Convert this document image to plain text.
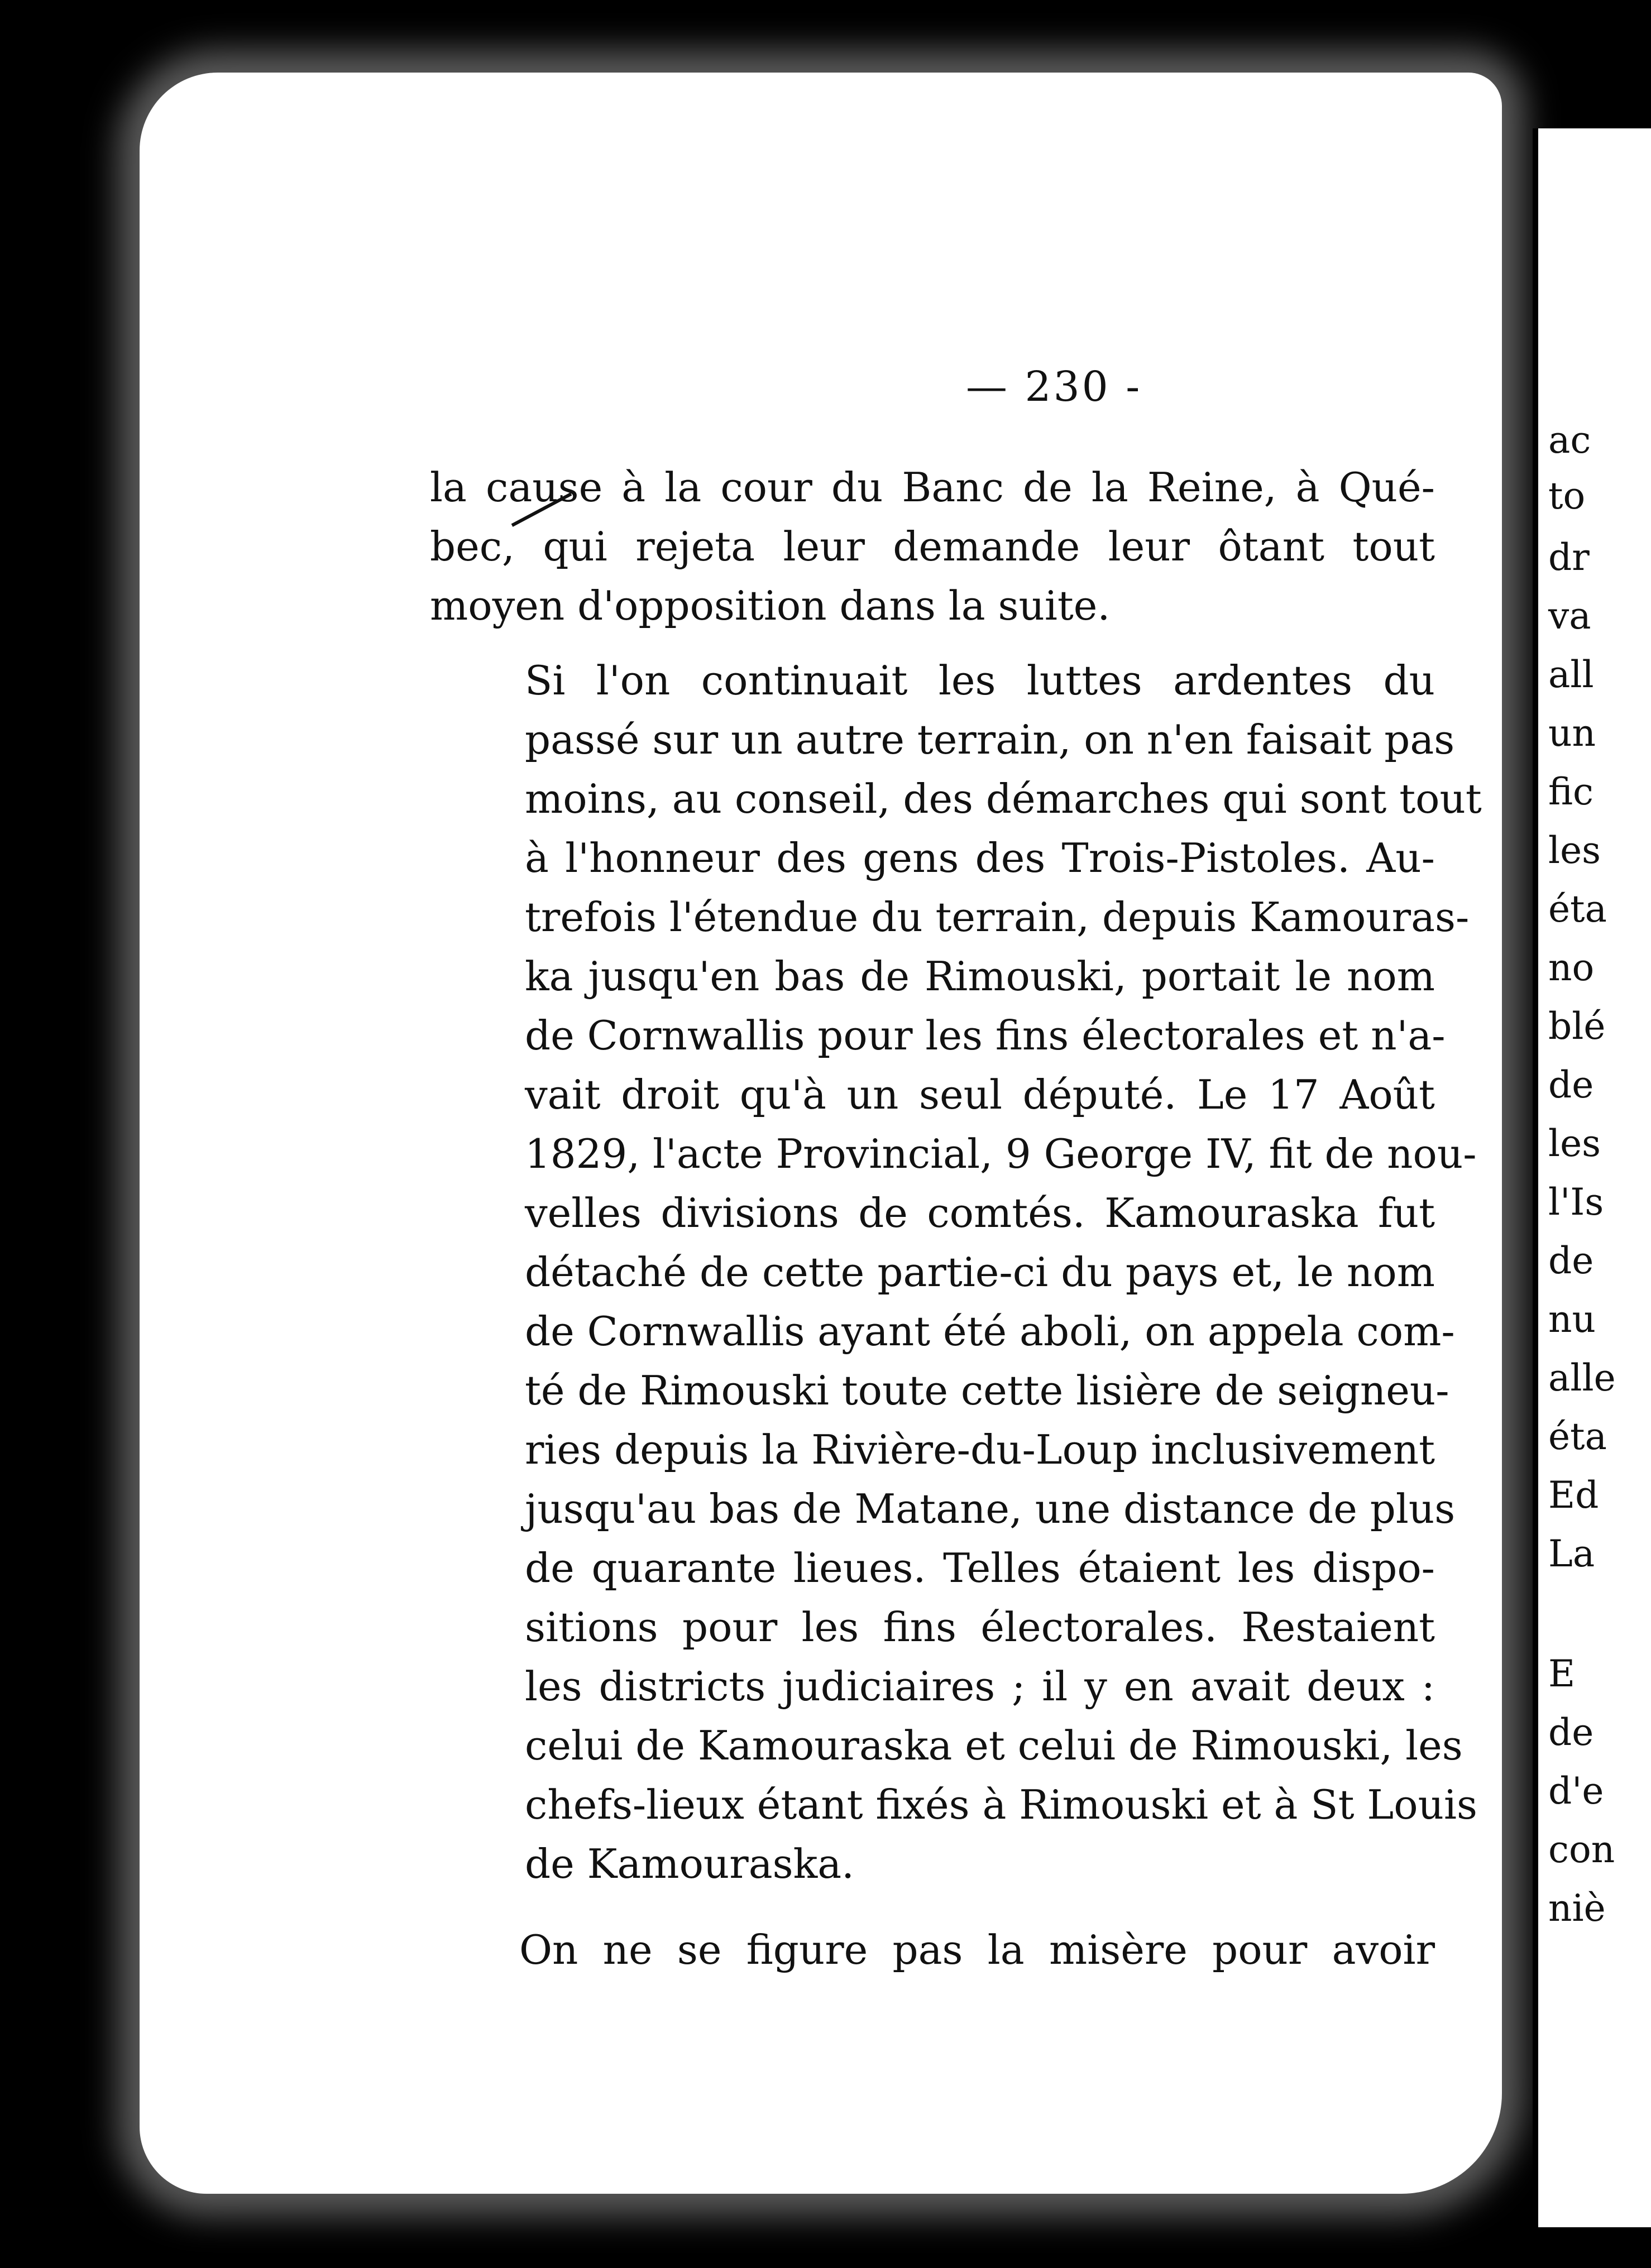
— 230 -

la cause à la cour du Banc de la Reine, à Qué-
bec, qui rejeta leur demande leur ôtant tout
moyen d'opposition dans la suite.

Si l'on continuait les luttes ardentes du
passé sur un autre terrain, on n'en faisait pas
moins, au conseil, des démarches qui sont tout
à l'honneur des gens des Trois-Pistoles. Au-
trefois l'étendue du terrain, depuis Kamouras-
ka jusqu'en bas de Rimouski, portait le nom
de Cornwallis pour les fins électorales et n'a-
vait droit qu'à un seul député. Le 17 Août
1829, l'acte Provincial, 9 George IV, fit de nou-
velles divisions de comtés. Kamouraska fut
détaché de cette partie-ci du pays et, le nom
de Cornwallis ayant été aboli, on appela com-
té de Rimouski toute cette lisière de seigneu-
ries depuis la Rivière-du-Loup inclusivement
jusqu'au bas de Matane, une distance de plus
de quarante lieues. Telles étaient les dispo-
sitions pour les fins électorales. Restaient
les districts judiciaires ; il y en avait deux :
celui de Kamouraska et celui de Rimouski, les
chefs-lieux étant fixés à Rimouski et à St Louis
de Kamouraska.

On ne se figure pas la misère pour avoir

ac
to
dr
va
all
un
fic
les
éta
no
blé
de
les
l'Is
de
nu
alle
éta
Ed
La
E
de
d'e
con
niè
